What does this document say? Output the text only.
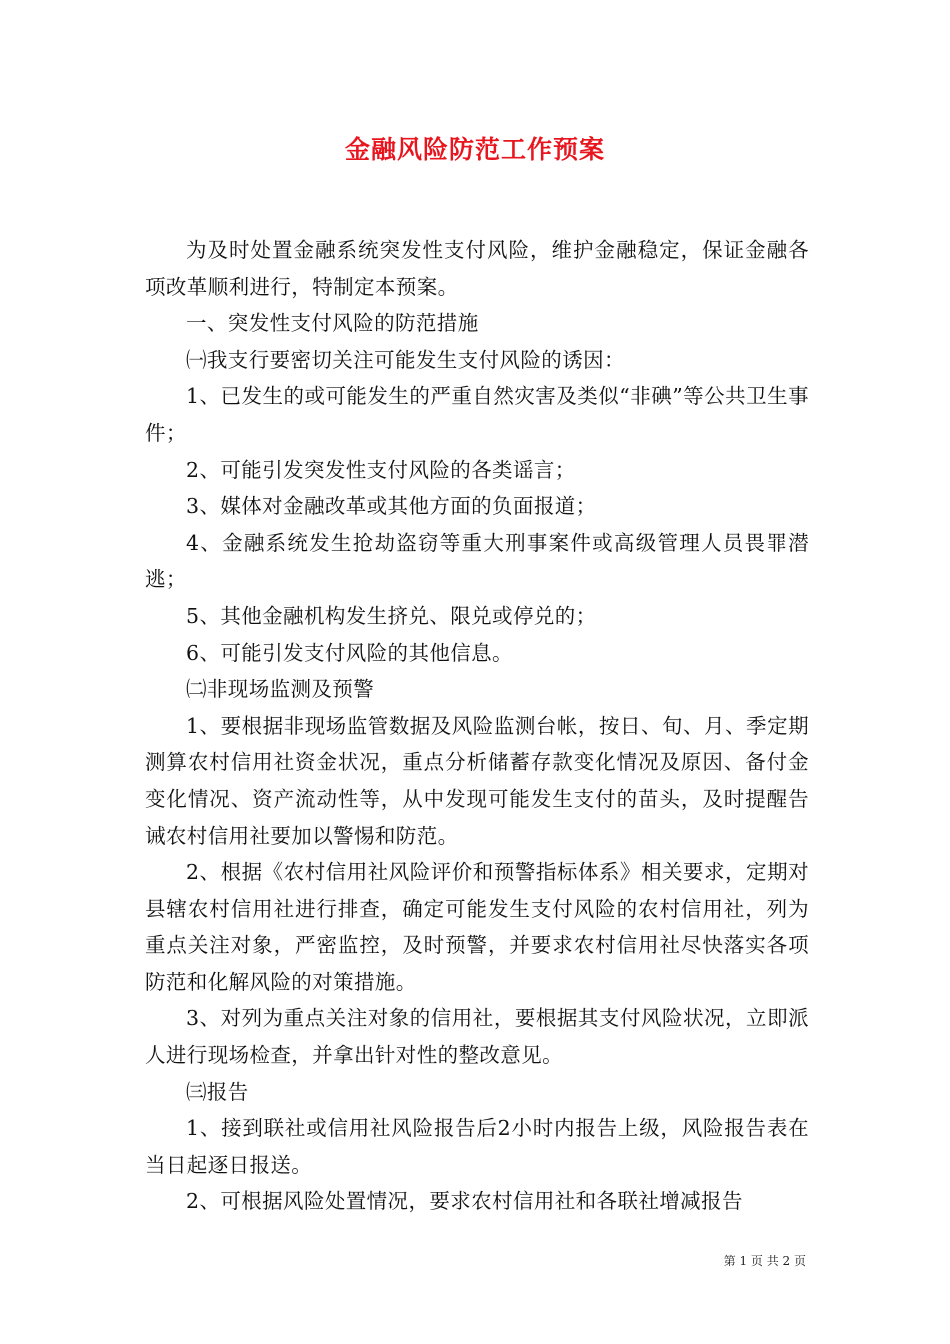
金融风险防范工作预案

为及时处置金融系统突发性支付风险，维护金融稳定，保证金融各项改革顺利进行，特制定本预案。

一、突发性支付风险的防范措施

㈠我支行要密切关注可能发生支付风险的诱因：

1、已发生的或可能发生的严重自然灾害及类似“非碘”等公共卫生事件；

2、可能引发突发性支付风险的各类谣言；

3、媒体对金融改革或其他方面的负面报道；

4、金融系统发生抢劫盗窃等重大刑事案件或高级管理人员畏罪潜逃；

5、其他金融机构发生挤兑、限兑或停兑的；

6、可能引发支付风险的其他信息。

㈡非现场监测及预警

1、要根据非现场监管数据及风险监测台帐，按日、旬、月、季定期测算农村信用社资金状况，重点分析储蓄存款变化情况及原因、备付金变化情况、资产流动性等，从中发现可能发生支付的苗头，及时提醒告诫农村信用社要加以警惕和防范。

2、根据《农村信用社风险评价和预警指标体系》相关要求，定期对县辖农村信用社进行排查，确定可能发生支付风险的农村信用社，列为重点关注对象，严密监控，及时预警，并要求农村信用社尽快落实各项防范和化解风险的对策措施。

3、对列为重点关注对象的信用社，要根据其支付风险状况，立即派人进行现场检查，并拿出针对性的整改意见。

㈢报告

1、接到联社或信用社风险报告后2小时内报告上级，风险报告表在当日起逐日报送。

2、可根据风险处置情况，要求农村信用社和各联社增减报告

第 1 页 共 2 页
